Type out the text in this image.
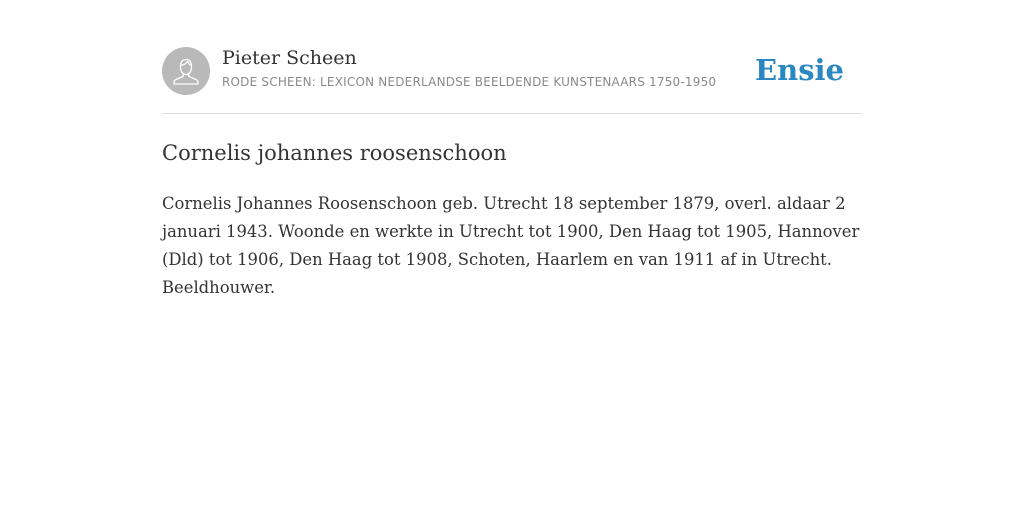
Pieter Scheen
RODE SCHEEN: LEXICON NEDERLANDSE BEELDENDE KUNSTENAARS 1750-1950 Ensie
Cornelis johannes roosenschoon

Cornelis Johannes Roosenschoon geb. Utrecht 18 september 1879, overl. aldaar 2 januari 1943. Woonde en werkte in Utrecht tot 1900, Den Haag tot 1905, Hannover (Dld) tot 1906, Den Haag tot 1908, Schoten, Haarlem en van 1911 af in Utrecht. Beeldhouwer.
